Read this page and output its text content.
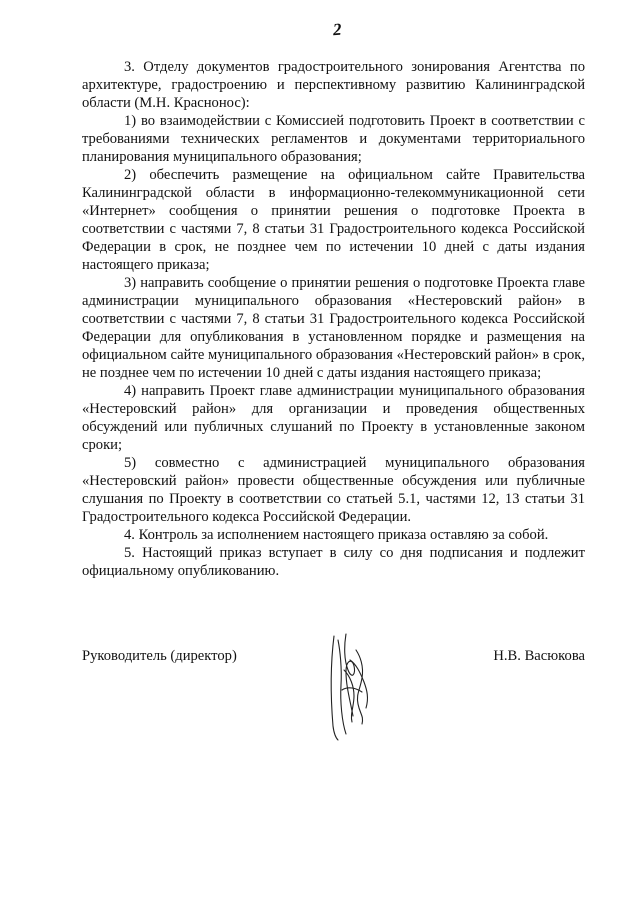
2

3. Отделу документов градостроительного зонирования Агентства по архитектуре, градостроению и перспективному развитию Калининградской области (М.Н. Краснонос):

1) во взаимодействии с Комиссией подготовить Проект в соответствии с требованиями технических регламентов и документами территориального планирования муниципального образования;

2) обеспечить размещение на официальном сайте Правительства Калининградской области в информационно-телекоммуникационной сети «Интернет» сообщения о принятии решения о подготовке Проекта в соответствии с частями 7, 8 статьи 31 Градостроительного кодекса Российской Федерации в срок, не позднее чем по истечении 10 дней с даты издания настоящего приказа;

3) направить сообщение о принятии решения о подготовке Проекта главе администрации муниципального образования «Нестеровский район» в соответствии с частями 7, 8 статьи 31 Градостроительного кодекса Российской Федерации для опубликования в установленном порядке и размещения на официальном сайте муниципального образования «Нестеровский район» в срок, не позднее чем по истечении 10 дней с даты издания настоящего приказа;

4) направить Проект главе администрации муниципального образования «Нестеровский район» для организации и проведения общественных обсуждений или публичных слушаний по Проекту в установленные законом сроки;

5) совместно с администрацией муниципального образования «Нестеровский район» провести общественные обсуждения или публичные слушания по Проекту в соответствии со статьей 5.1, частями 12, 13 статьи 31 Градостроительного кодекса Российской Федерации.

4. Контроль за исполнением настоящего приказа оставляю за собой.

5. Настоящий приказ вступает в силу со дня подписания и подлежит официальному опубликованию.

Руководитель (директор)	Н.В. Васюкова
